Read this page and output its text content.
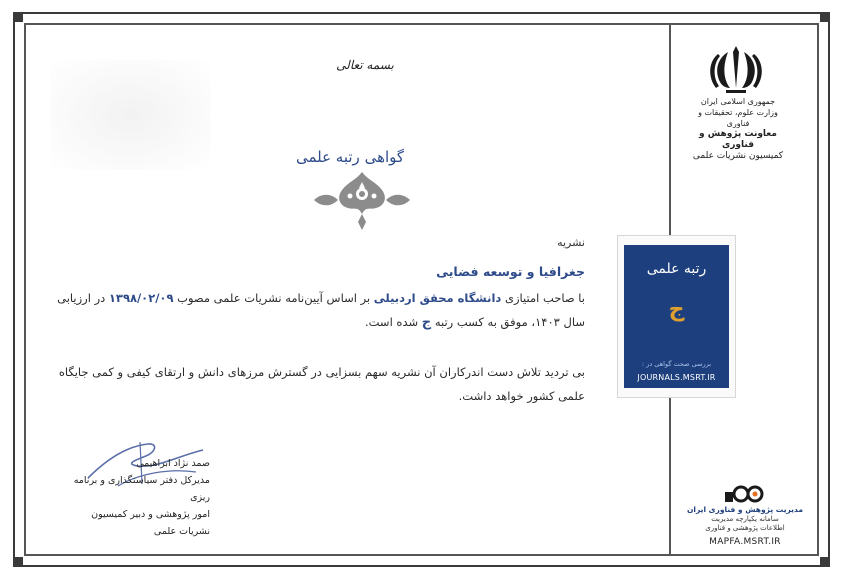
بسمه تعالی
گواهی رتبه علمی
نشریه
جغرافیا و توسعه فضایی
با صاحب امتیازی دانشگاه محقق اردبیلی بر اساس آیین‌نامه نشریات علمی مصوب ۱۳۹۸/۰۲/۰۹ در ارزیابی سال ۱۴۰۳، موفق به کسب رتبه ج شده است.
بی تردید تلاش دست اندرکاران آن نشریه سهم بسزایی در گسترش مرزهای دانش و ارتقای کیفی و کمی جایگاه علمی کشور خواهد داشت.
صمد نژاد ابراهیمی
مدیرکل دفتر سیاستگذاری و برنامه ریزی
امور پژوهشی و دبیر کمیسیون
نشریات علمی
جمهوری اسلامی ایران
وزارت علوم، تحقیقات و فناوری
معاونت پژوهش و فناوری
کمیسیون نشریات علمی
رتبه علمی
ج
بررسی صحت گواهی در :
JOURNALS.MSRT.IR
مدیریت پژوهش و فناوری ایران
سامانه یکپارچه مدیریت
اطلاعات پژوهشی و فناوری
MAPFA.MSRT.IR
